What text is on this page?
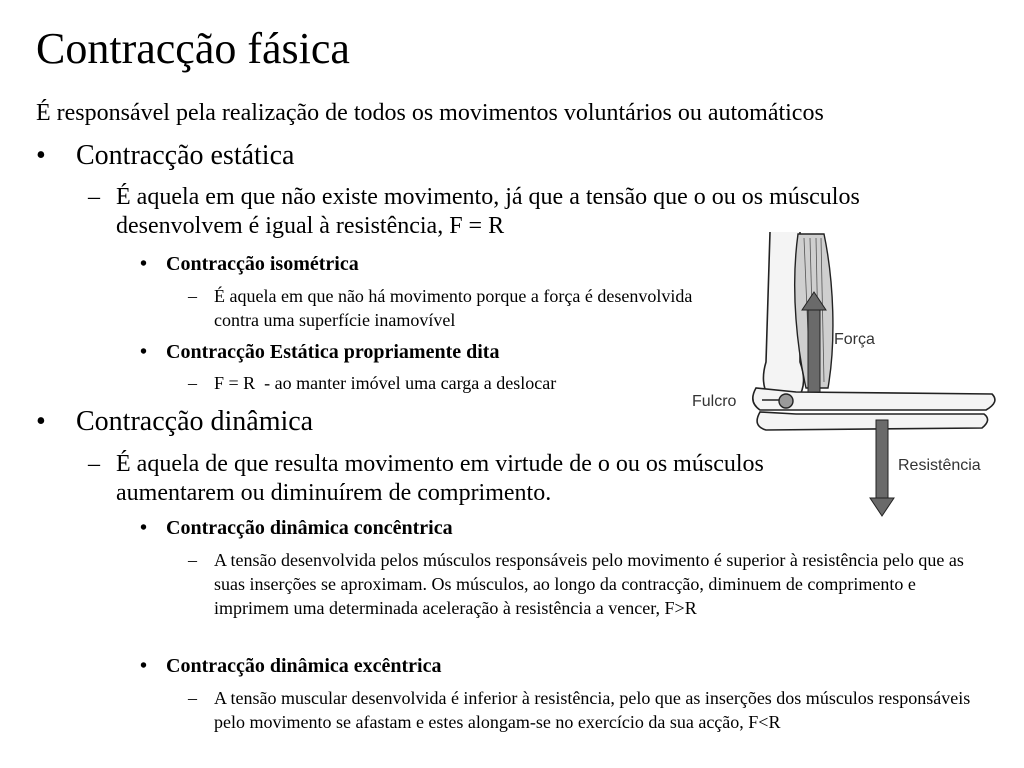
Contracção fásica
É responsável pela realização de todos os movimentos voluntários ou automáticos
•	Contracção estática
– É aquela em que não existe movimento, já que a tensão que o ou os músculos desenvolvem é igual à resistência, F = R
• Contracção isométrica
– É aquela em que não há movimento porque a força é desenvolvida contra uma superfície inamovível
• Contracção Estática propriamente dita
– F = R  - ao manter imóvel uma carga a deslocar
•	Contracção dinâmica
– É aquela de que resulta movimento em virtude de o ou os músculos aumentarem ou diminuírem de comprimento.
• Contracção dinâmica concêntrica
– A tensão desenvolvida pelos músculos responsáveis pelo movimento é superior à resistência pelo que as suas inserções se aproximam. Os músculos, ao longo da contracção, diminuem de comprimento e imprimem uma determinada aceleração à resistência a vencer, F>R
• Contracção dinâmica excêntrica
– A tensão muscular desenvolvida é inferior à resistência, pelo que as inserções dos músculos responsáveis pelo movimento se afastam e estes alongam-se no exercício da sua acção, F<R
Força
Fulcro
Resistência
